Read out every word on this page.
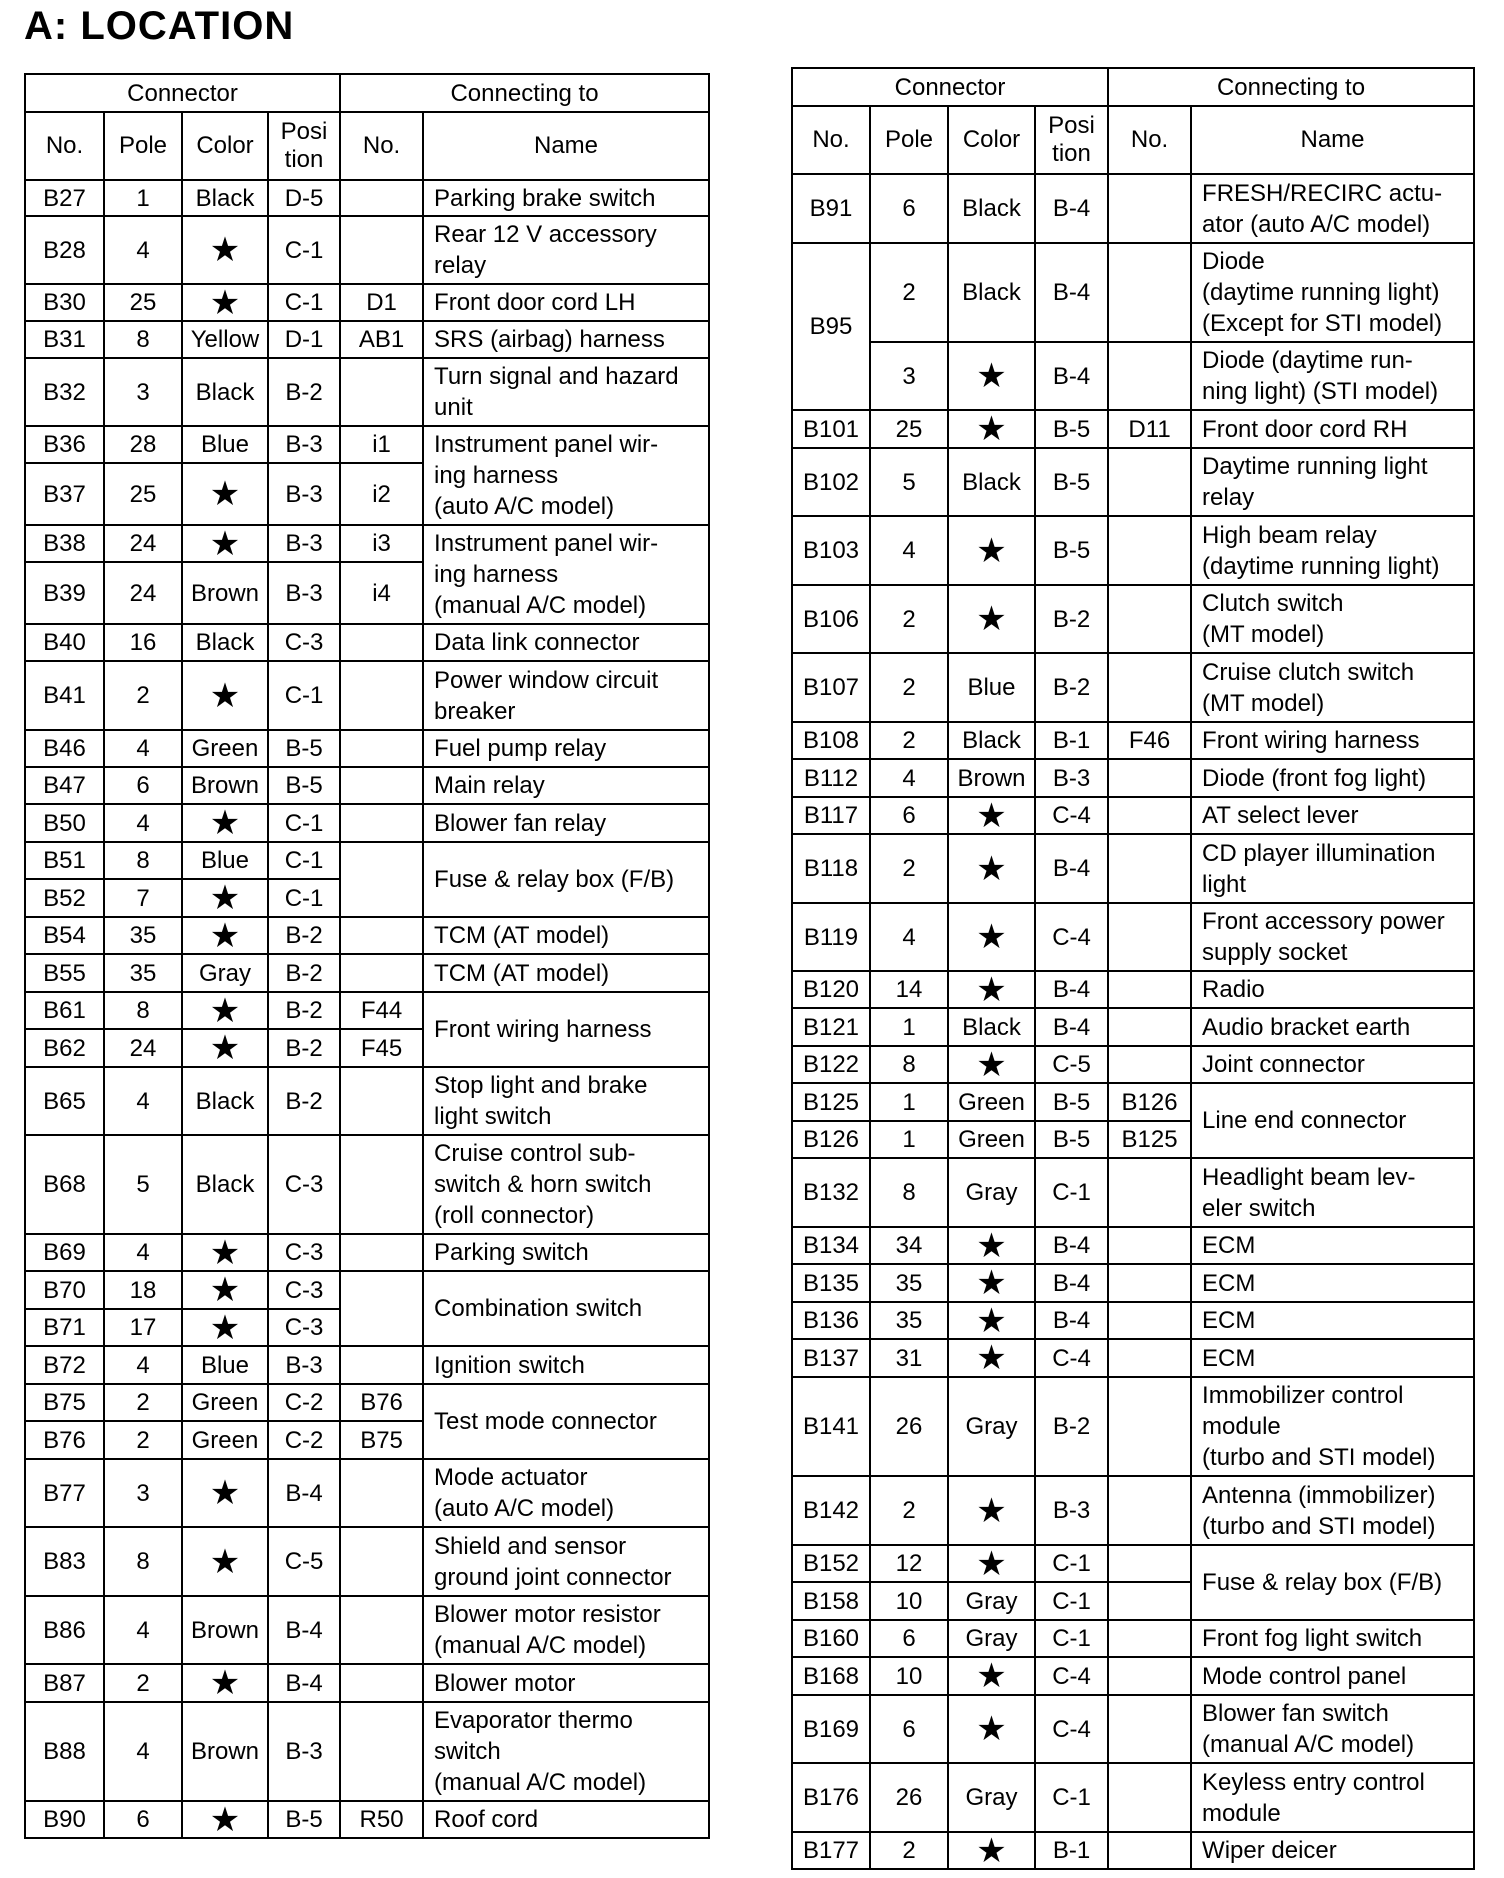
A: LOCATION
Connector				Connecting to	
No.	Pole	Color	Posi
tion	No.	Name
B27	1	Black	D-5		Parking brake switch
B28	4	★	C-1		Rear 12 V accessory
relay
B30	25	★	C-1	D1	Front door cord LH
B31	8	Yellow	D-1	AB1	SRS (airbag) harness
B32	3	Black	B-2		Turn signal and hazard
unit
B36	28	Blue	B-3	i1	Instrument panel wir-
ing harness
(auto A/C model)
B37	25	★	B-3	i2	
B38	24	★	B-3	i3	Instrument panel wir-
ing harness
(manual A/C model)
B39	24	Brown	B-3	i4	
B40	16	Black	C-3		Data link connector
B41	2	★	C-1		Power window circuit
breaker
B46	4	Green	B-5		Fuel pump relay
B47	6	Brown	B-5		Main relay
B50	4	★	C-1		Blower fan relay
B51	8	Blue	C-1		Fuse & relay box (F/B)
B52	7	★	C-1		
B54	35	★	B-2		TCM (AT model)
B55	35	Gray	B-2		TCM (AT model)
B61	8	★	B-2	F44	Front wiring harness
B62	24	★	B-2	F45	
B65	4	Black	B-2		Stop light and brake
light switch
B68	5	Black	C-3		Cruise control sub-
switch & horn switch
(roll connector)
B69	4	★	C-3		Parking switch
B70	18	★	C-3		Combination switch
B71	17	★	C-3		
B72	4	Blue	B-3		Ignition switch
B75	2	Green	C-2	B76	Test mode connector
B76	2	Green	C-2	B75	
B77	3	★	B-4		Mode actuator
(auto A/C model)
B83	8	★	C-5		Shield and sensor
ground joint connector
B86	4	Brown	B-4		Blower motor resistor
(manual A/C model)
B87	2	★	B-4		Blower motor
B88	4	Brown	B-3		Evaporator thermo
switch
(manual A/C model)
B90	6	★	B-5	R50	Roof cord
Connector				Connecting to	
No.	Pole	Color	Posi
tion	No.	Name
B91	6	Black	B-4		FRESH/RECIRC actu-
ator (auto A/C model)
B95	2	Black	B-4		Diode
(daytime running light)
(Except for STI model)
	3	★	B-4		Diode (daytime run-
ning light) (STI model)
B101	25	★	B-5	D11	Front door cord RH
B102	5	Black	B-5		Daytime running light
relay
B103	4	★	B-5		High beam relay
(daytime running light)
B106	2	★	B-2		Clutch switch
(MT model)
B107	2	Blue	B-2		Cruise clutch switch
(MT model)
B108	2	Black	B-1	F46	Front wiring harness
B112	4	Brown	B-3		Diode (front fog light)
B117	6	★	C-4		AT select lever
B118	2	★	B-4		CD player illumination
light
B119	4	★	C-4		Front accessory power
supply socket
B120	14	★	B-4		Radio
B121	1	Black	B-4		Audio bracket earth
B122	8	★	C-5		Joint connector
B125	1	Green	B-5	B126	Line end connector
B126	1	Green	B-5	B125	
B132	8	Gray	C-1		Headlight beam lev-
eler switch
B134	34	★	B-4		ECM
B135	35	★	B-4		ECM
B136	35	★	B-4		ECM
B137	31	★	C-4		ECM
B141	26	Gray	B-2		Immobilizer control
module
(turbo and STI model)
B142	2	★	B-3		Antenna (immobilizer)
(turbo and STI model)
B152	12	★	C-1		Fuse & relay box (F/B)
B158	10	Gray	C-1		
B160	6	Gray	C-1		Front fog light switch
B168	10	★	C-4		Mode control panel
B169	6	★	C-4		Blower fan switch
(manual A/C model)
B176	26	Gray	C-1		Keyless entry control
module
B177	2	★	B-1		Wiper deicer
